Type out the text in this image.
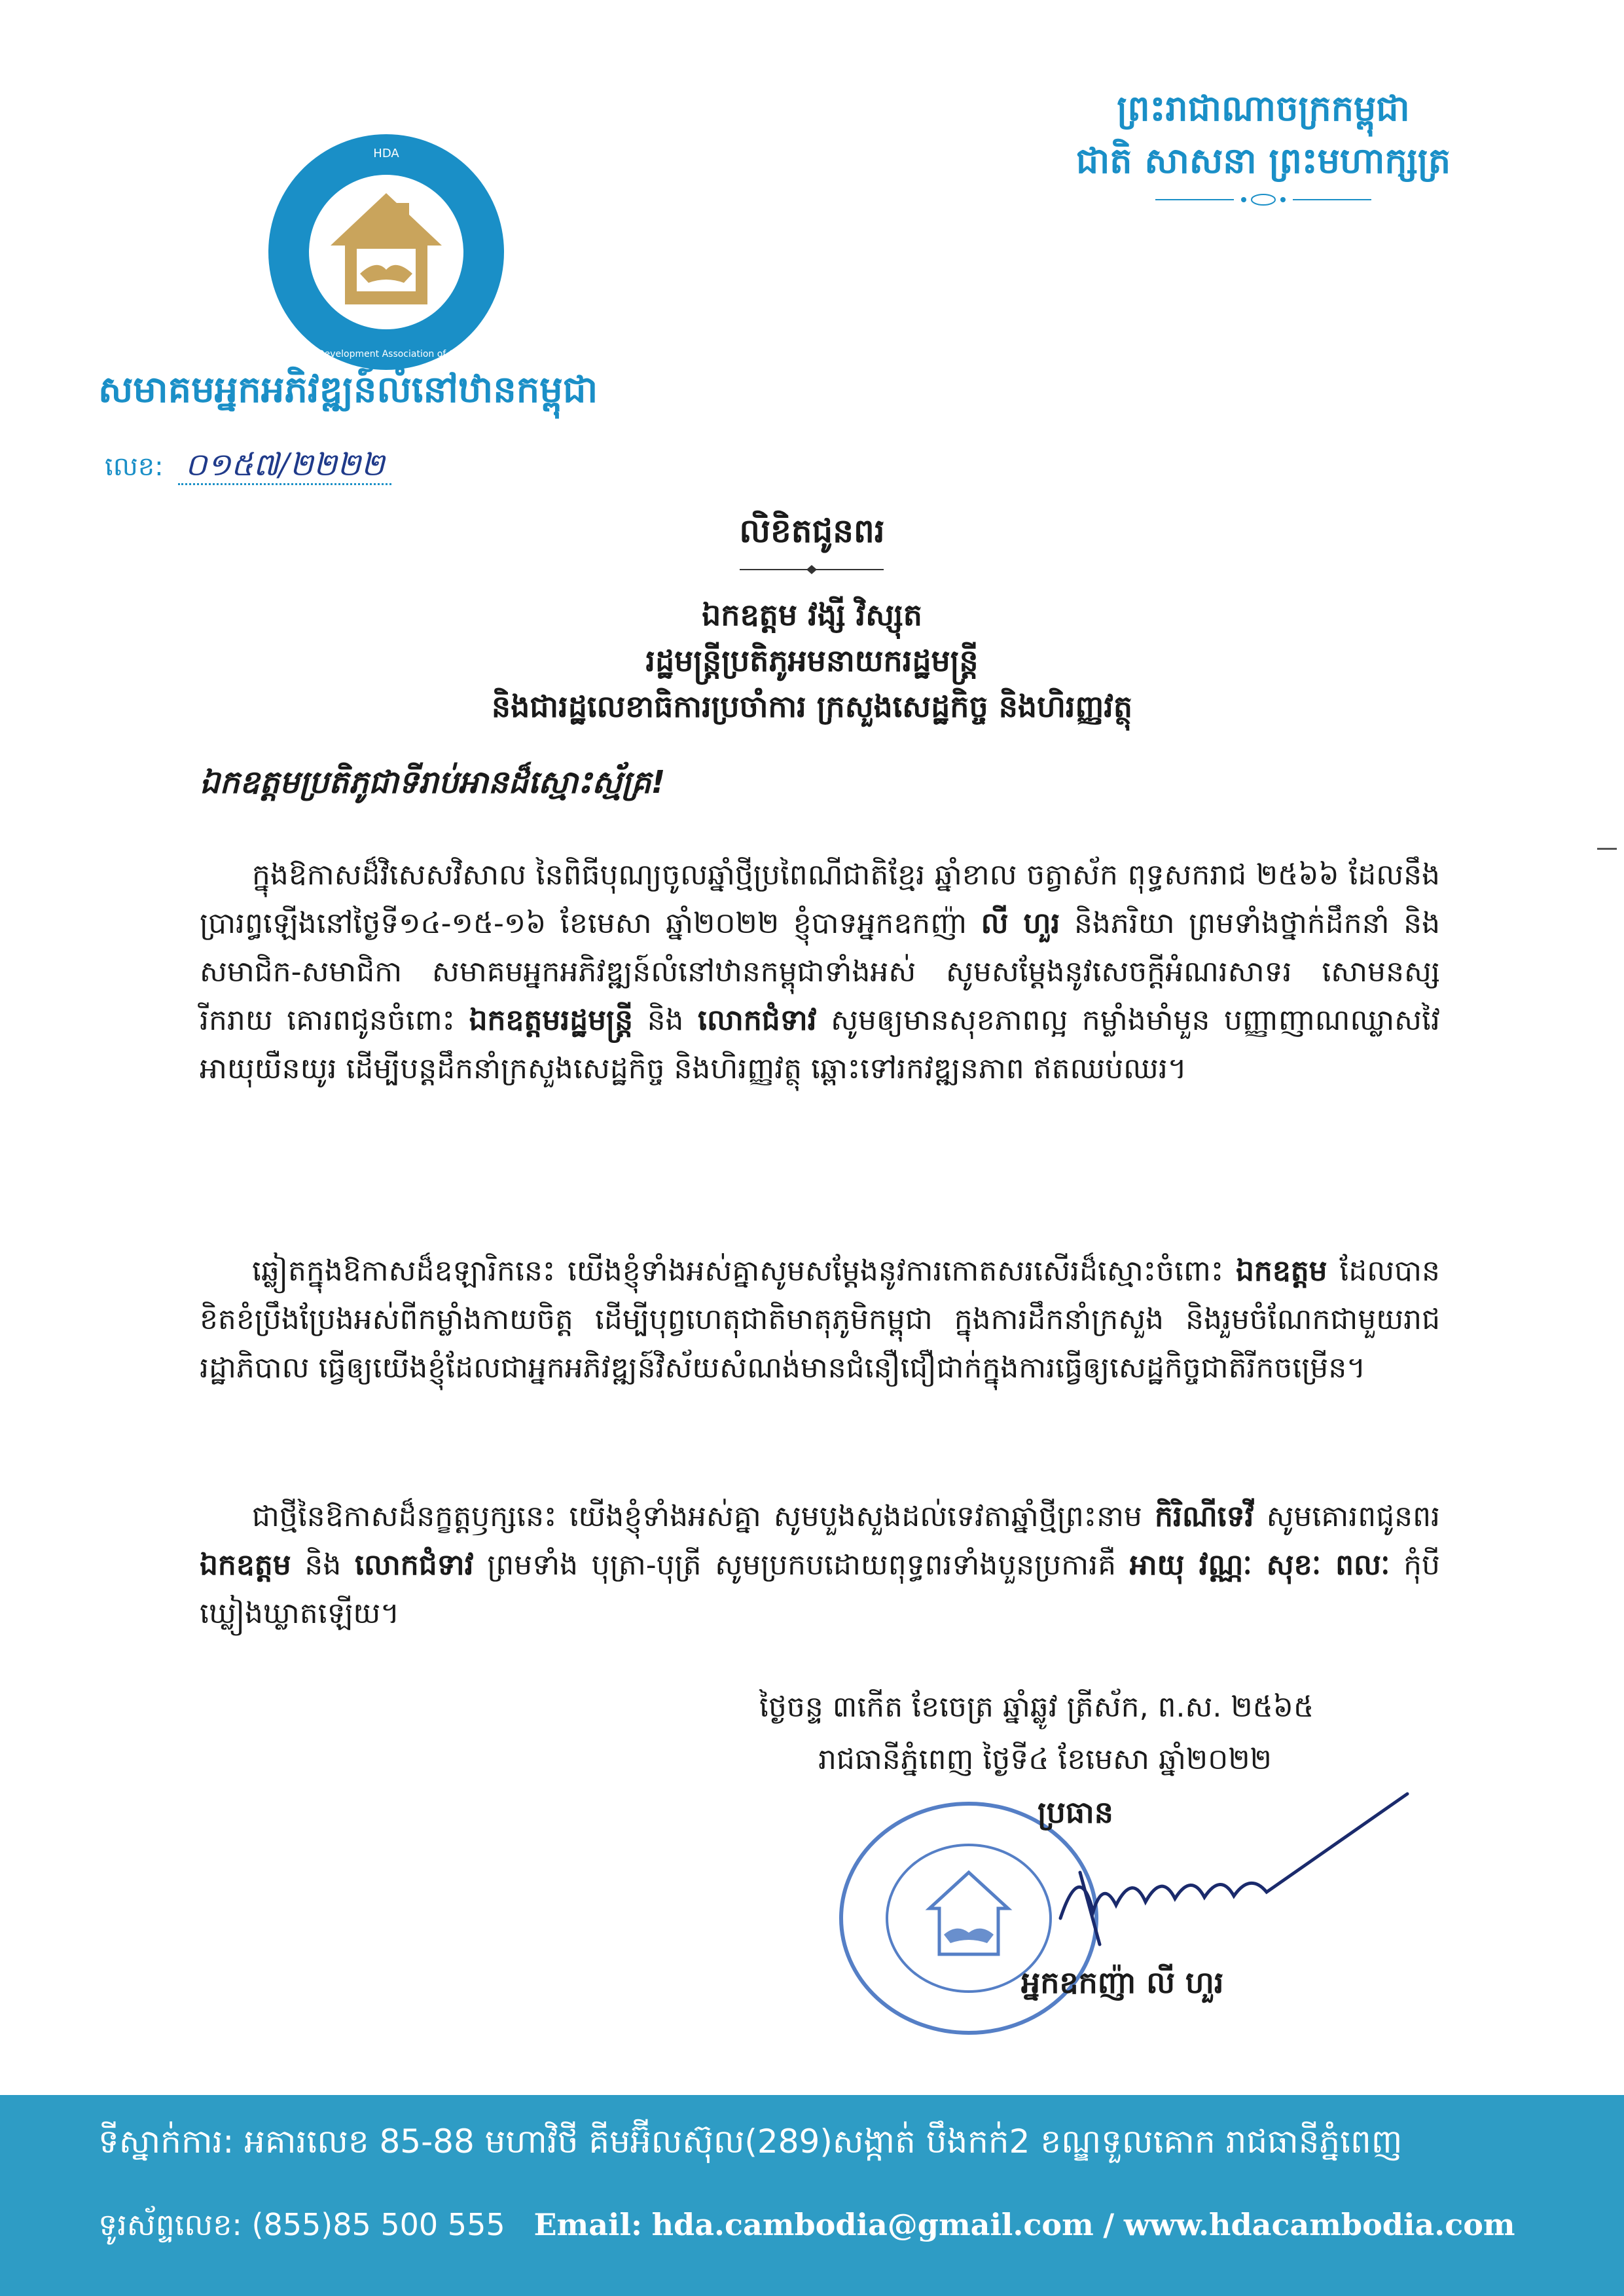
ព្រះរាជាណាចក្រកម្ពុជា
ជាតិ សាសនា ព្រះមហាក្សត្រ
HDA
Housing Development Association of Cambodia
សមាគមអ្នកអភិវឌ្ឍន៍លំនៅឋានកម្ពុជា
លេខ: ០១៥៧/២២២២
លិខិតជូនពរ
ឯកឧត្តម វង្សី វិស្សុត
រដ្ឋមន្ត្រីប្រតិភូអមនាយករដ្ឋមន្ត្រី
និងជារដ្ឋលេខាធិការប្រចាំការ ក្រសួងសេដ្ឋកិច្ច និងហិរញ្ញវត្ថុ
ឯកឧត្តមប្រតិភូជាទីរាប់អានដ៏ស្មោះស្ម័គ្រ!
ក្នុងឱកាសដ៏វិសេសវិសាល នៃពិធីបុណ្យចូលឆ្នាំថ្មីប្រពៃណីជាតិខ្មែរ ឆ្នាំខាល ចត្វាស័ក ពុទ្ធសករាជ ២៥៦៦ ដែលនឹងប្រារព្ធឡើងនៅថ្ងៃទី១៤-១៥-១៦ ខែមេសា ឆ្នាំ២០២២ ខ្ញុំបាទអ្នកឧកញ៉ា លី ហួរ និងភរិយា ព្រមទាំងថ្នាក់ដឹកនាំ និងសមាជិក-សមាជិកា សមាគមអ្នកអភិវឌ្ឍន៍លំនៅឋានកម្ពុជាទាំងអស់ សូមសម្តែងនូវសេចក្តីអំណរសាទរ សោមនស្សរីករាយ គោរពជូនចំពោះ ឯកឧត្តមរដ្ឋមន្ត្រី និង លោកជំទាវ សូមឲ្យមានសុខភាពល្អ កម្លាំងមាំមួន បញ្ញាញាណឈ្លាសវៃ អាយុយឺនយូរ ដើម្បីបន្តដឹកនាំក្រសួងសេដ្ឋកិច្ច និងហិរញ្ញវត្ថុ ឆ្ពោះទៅរកវឌ្ឍនភាព ឥតឈប់ឈរ។
ឆ្លៀតក្នុងឱកាសដ៏ឧឡារិកនេះ យើងខ្ញុំទាំងអស់គ្នាសូមសម្តែងនូវការកោតសរសើរដ៏ស្មោះចំពោះ ឯកឧត្តម ដែលបានខិតខំប្រឹងប្រែងអស់ពីកម្លាំងកាយចិត្ត ដើម្បីបុព្វហេតុជាតិមាតុភូមិកម្ពុជា ក្នុងការដឹកនាំក្រសួង និងរួមចំណែកជាមួយរាជរដ្ឋាភិបាល ធ្វើឲ្យយើងខ្ញុំដែលជាអ្នកអភិវឌ្ឍន៍វិស័យសំណង់មានជំនឿជឿជាក់ក្នុងការធ្វើឲ្យសេដ្ឋកិច្ចជាតិរីកចម្រើន។
ជាថ្មីនៃឱកាសដ៏នក្ខត្តឫក្សនេះ យើងខ្ញុំទាំងអស់គ្នា សូមបួងសួងដល់ទេវតាឆ្នាំថ្មីព្រះនាម កិរិណីទេវី សូមគោរពជូនពរ ឯកឧត្តម និង លោកជំទាវ ព្រមទាំង បុត្រា-បុត្រី សូមប្រកបដោយពុទ្ធពរទាំងបួនប្រការគឺ អាយុ វណ្ណៈ សុខៈ ពលៈ កុំបីឃ្លៀងឃ្លាតឡើយ។
ថ្ងៃចន្ទ ៣កើត ខែចេត្រ ឆ្នាំឆ្លូវ ត្រីស័ក, ព.ស. ២៥៦៥
រាជធានីភ្នំពេញ ថ្ងៃទី៤ ខែមេសា ឆ្នាំ២០២២
ប្រធាន
អ្នកឧកញ៉ា លី ហួរ
ទីស្នាក់ការ: អគារលេខ 85-88 មហាវិថី គីមអ៊ីលស៊ុល(289)សង្កាត់ បឹងកក់2 ខណ្ឌទួលគោក រាជធានីភ្នំពេញ
ទូរស័ព្ទលេខ: (855)85 500 555 Email: hda.cambodia@gmail.com / www.hdacambodia.com
